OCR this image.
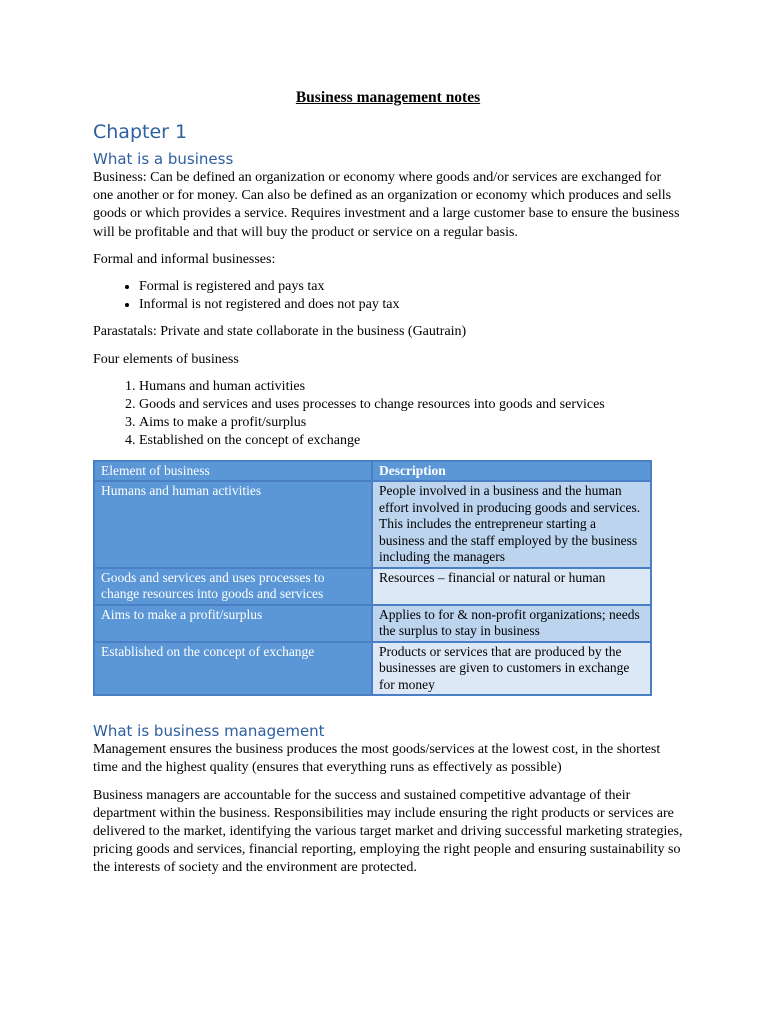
Business management notes
Chapter 1
What is a business

Business: Can be defined an organization or economy where goods and/or services are exchanged for one another or for money. Can also be defined as an organization or economy which produces and sells goods or which provides a service. Requires investment and a large customer base to ensure the business will be profitable and that will buy the product or service on a regular basis.

Formal and informal businesses:

• Formal is registered and pays tax
• Informal is not registered and does not pay tax

Parastatals: Private and state collaborate in the business (Gautrain)

Four elements of business

1. Humans and human activities
2. Goods and services and uses processes to change resources into goods and services
3. Aims to make a profit/surplus
4. Established on the concept of exchange
Element of business	Description
Humans and human activities	People involved in a business and the human effort involved in producing goods and services. This includes the entrepreneur starting a business and the staff employed by the business including the managers
Goods and services and uses processes to change resources into goods and services	Resources – financial or natural or human
Aims to make a profit/surplus	Applies to for & non-profit organizations; needs the surplus to stay in business
Established on the concept of exchange	Products or services that are produced by the businesses are given to customers in exchange for money
What is business management

Management ensures the business produces the most goods/services at the lowest cost, in the shortest time and the highest quality (ensures that everything runs as effectively as possible)

Business managers are accountable for the success and sustained competitive advantage of their department within the business. Responsibilities may include ensuring the right products or services are delivered to the market, identifying the various target market and driving successful marketing strategies, pricing goods and services, financial reporting, employing the right people and ensuring sustainability so the interests of society and the environment are protected.
